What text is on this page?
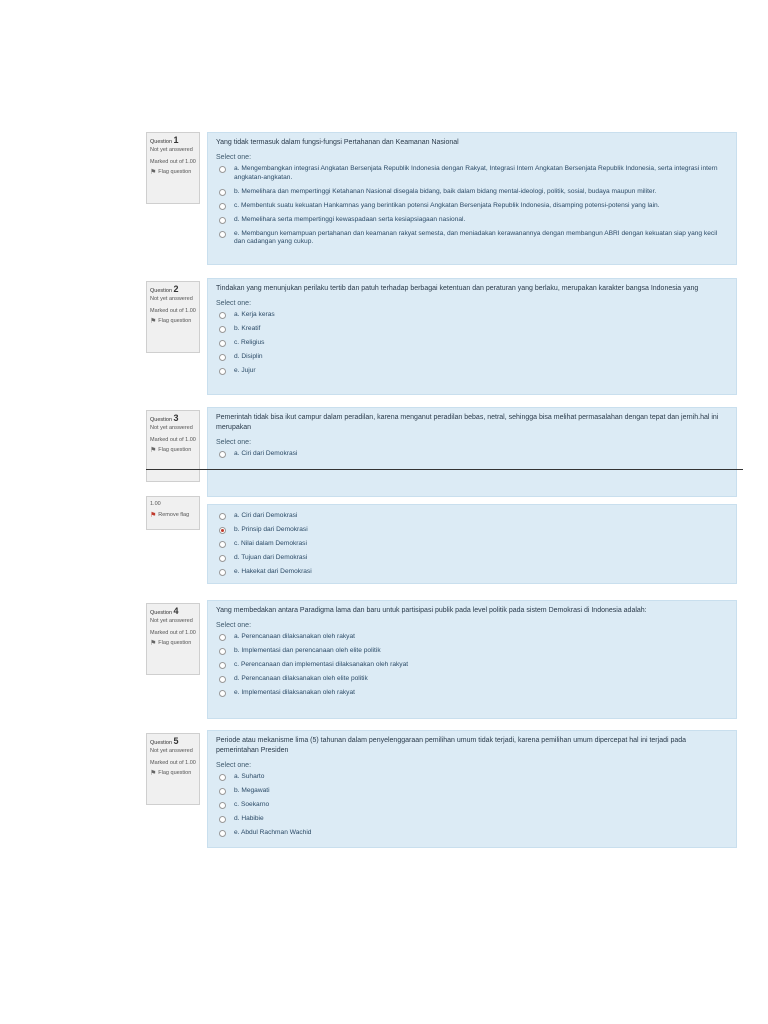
Question 1
Not yet answered
Marked out of 1.00
⚑ Flag question

Yang tidak termasuk dalam fungsi-fungsi Pertahanan dan Keamanan Nasional

Select one:
a. Mengembangkan integrasi Angkatan Bersenjata Republik Indonesia dengan Rakyat, Integrasi Intern Angkatan Bersenjata Republik Indonesia, serta integrasi intern angkatan-angkatan.
b. Memelihara dan mempertinggi Ketahanan Nasional disegala bidang, baik dalam bidang mental-ideologi, politik, sosial, budaya maupun militer.
c. Membentuk suatu kekuatan Hankamnas yang berintikan potensi Angkatan Bersenjata Republik Indonesia, disamping potensi-potensi yang lain.
d. Memelihara serta mempertinggi kewaspadaan serta kesiapsiagaan nasional.
e. Membangun kemampuan pertahanan dan keamanan rakyat semesta, dan meniadakan kerawanannya dengan membangun ABRI dengan kekuatan siap yang kecil dan cadangan yang cukup.
Question 2
Not yet answered
Marked out of 1.00
⚑ Flag question

Tindakan yang menunjukan perilaku tertib dan patuh terhadap berbagai ketentuan dan peraturan yang berlaku, merupakan karakter bangsa Indonesia yang

Select one:
a. Kerja keras
b. Kreatif
c. Religius
d. Disiplin
e. Jujur
Question 3
Not yet answered
Marked out of 1.00
⚑ Flag question

Pemerintah tidak bisa ikut campur dalam peradilan, karena menganut peradilan bebas, netral, sehingga bisa melihat permasalahan dengan tepat dan jernih.hal ini merupakan

Select one:
a. Ciri dari Demokrasi
1.00
⚑ Remove flag	a. Ciri dari Demokrasi
b. Prinsip dari Demokrasi
c. Nilai dalam Demokrasi
d. Tujuan dari Demokrasi
e. Hakekat dari Demokrasi
Question 4
Not yet answered
Marked out of 1.00
⚑ Flag question

Yang membedakan antara Paradigma lama dan baru untuk partisipasi publik pada level politik pada sistem Demokrasi di Indonesia adalah:

Select one:
a. Perencanaan dilaksanakan oleh rakyat
b. Implementasi dan perencanaan oleh elite politik
c. Perencanaan dan implementasi dilaksanakan oleh rakyat
d. Perencanaan dilaksanakan oleh elite politik
e. Implementasi dilaksanakan oleh rakyat
Question 5
Not yet answered
Marked out of 1.00
⚑ Flag question

Periode atau mekanisme lima (5) tahunan dalam penyelenggaraan pemilihan umum tidak terjadi, karena pemilihan umum dipercepat hal ini terjadi pada pemerintahan Presiden

Select one:
a. Suharto
b. Megawati
c. Soekarno
d. Habibie
e. Abdul Rachman Wachid
